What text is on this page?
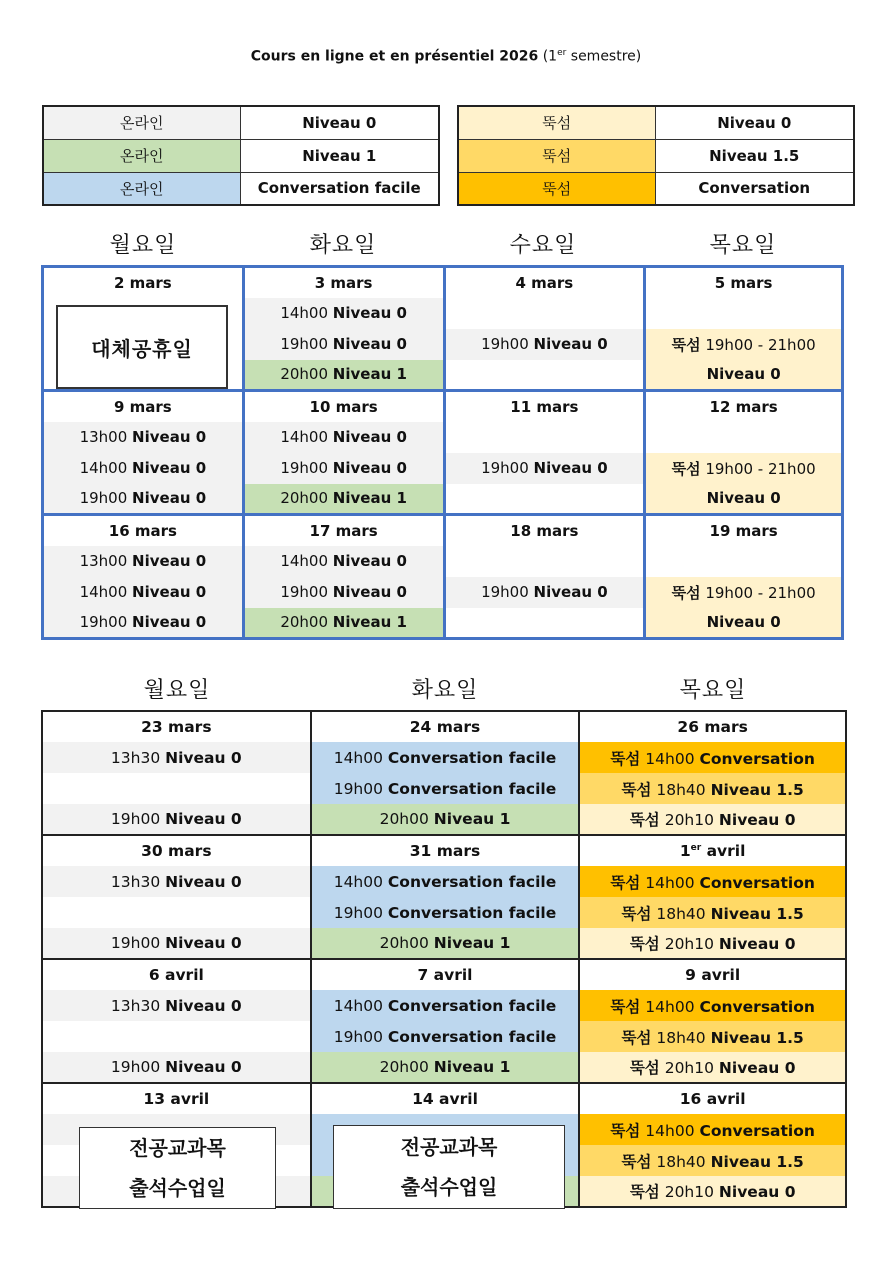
Cours en ligne et en présentiel 2026 (1er semestre)
온라인	Niveau 0
온라인	Niveau 1
온라인	Conversation facile
뚝섬	Niveau 0
뚝섬	Niveau 1.5
뚝섬	Conversation
월요일	화요일	수요일	목요일
2 mars	3 mars	4 mars	5 mars
	14h00 Niveau 0		
	19h00 Niveau 0	19h00 Niveau 0	뚝섬 19h00 - 21h00
	20h00 Niveau 1		Niveau 0
9 mars	10 mars	11 mars	12 mars
13h00 Niveau 0	14h00 Niveau 0		
14h00 Niveau 0	19h00 Niveau 0	19h00 Niveau 0	뚝섬 19h00 - 21h00
19h00 Niveau 0	20h00 Niveau 1		Niveau 0
16 mars	17 mars	18 mars	19 mars
13h00 Niveau 0	14h00 Niveau 0		
14h00 Niveau 0	19h00 Niveau 0	19h00 Niveau 0	뚝섬 19h00 - 21h00
19h00 Niveau 0	20h00 Niveau 1		Niveau 0
대체공휴일
월요일	화요일	목요일
23 mars	24 mars	26 mars
13h30 Niveau 0	14h00 Conversation facile	뚝섬 14h00 Conversation
	19h00 Conversation facile	뚝섬 18h40 Niveau 1.5
19h00 Niveau 0	20h00 Niveau 1	뚝섬 20h10 Niveau 0
30 mars	31 mars	1er avril
13h30 Niveau 0	14h00 Conversation facile	뚝섬 14h00 Conversation
	19h00 Conversation facile	뚝섬 18h40 Niveau 1.5
19h00 Niveau 0	20h00 Niveau 1	뚝섬 20h10 Niveau 0
6 avril	7 avril	9 avril
13h30 Niveau 0	14h00 Conversation facile	뚝섬 14h00 Conversation
	19h00 Conversation facile	뚝섬 18h40 Niveau 1.5
19h00 Niveau 0	20h00 Niveau 1	뚝섬 20h10 Niveau 0
13 avril	14 avril	16 avril
		뚝섬 14h00 Conversation
		뚝섬 18h40 Niveau 1.5
		뚝섬 20h10 Niveau 0
전공교과목
출석수업일
전공교과목
출석수업일
